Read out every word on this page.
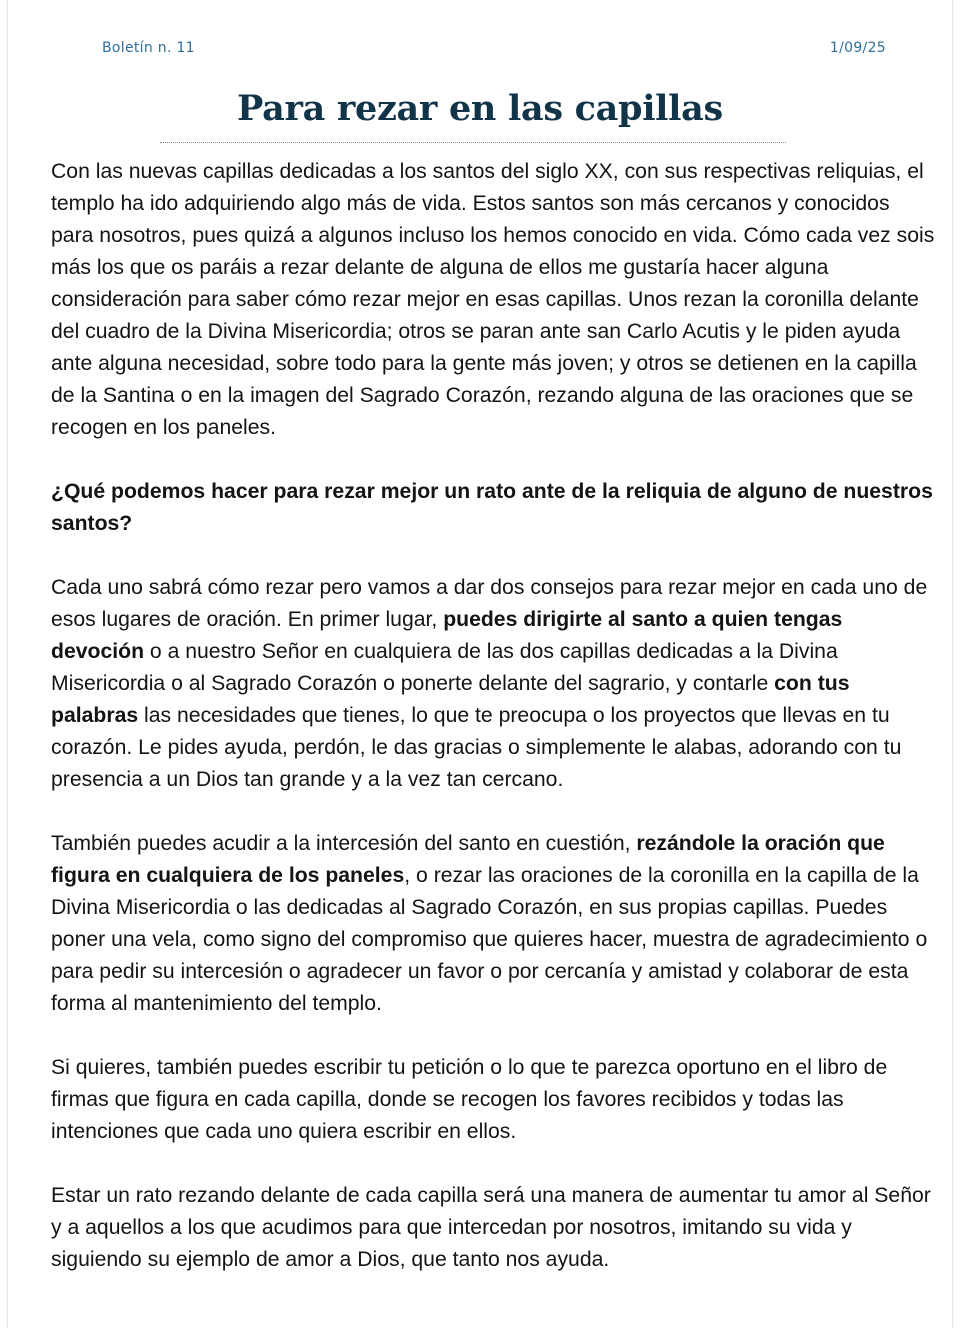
Boletín n. 11	1/09/25
Para rezar en las capillas

Con las nuevas capillas dedicadas a los santos del siglo XX, con sus respectivas reliquias, el templo ha ido adquiriendo algo más de vida. Estos santos son más cercanos y conocidos para nosotros, pues quizá a algunos incluso los hemos conocido en vida. Cómo cada vez sois más los que os paráis a rezar delante de alguna de ellos me gustaría hacer alguna consideración para saber cómo rezar mejor en esas capillas. Unos rezan la coronilla delante del cuadro de la Divina Misericordia; otros se paran ante san Carlo Acutis y le piden ayuda ante alguna necesidad, sobre todo para la gente más joven; y otros se detienen en la capilla de la Santina o en la imagen del Sagrado Corazón, rezando alguna de las oraciones que se recogen en los paneles.

¿Qué podemos hacer para rezar mejor un rato ante de la reliquia de alguno de nuestros santos?

Cada uno sabrá cómo rezar pero vamos a dar dos consejos para rezar mejor en cada uno de esos lugares de oración. En primer lugar, puedes dirigirte al santo a quien tengas devoción o a nuestro Señor en cualquiera de las dos capillas dedicadas a la Divina Misericordia o al Sagrado Corazón o ponerte delante del sagrario, y contarle con tus palabras las necesidades que tienes, lo que te preocupa o los proyectos que llevas en tu corazón. Le pides ayuda, perdón, le das gracias o simplemente le alabas, adorando con tu presencia a un Dios tan grande y a la vez tan cercano.

También puedes acudir a la intercesión del santo en cuestión, rezándole la oración que figura en cualquiera de los paneles, o rezar las oraciones de la coronilla en la capilla de la Divina Misericordia o las dedicadas al Sagrado Corazón, en sus propias capillas. Puedes poner una vela, como signo del compromiso que quieres hacer, muestra de agradecimiento o para pedir su intercesión o agradecer un favor o por cercanía y amistad y colaborar de esta forma al mantenimiento del templo.

Si quieres, también puedes escribir tu petición o lo que te parezca oportuno en el libro de firmas que figura en cada capilla, donde se recogen los favores recibidos y todas las intenciones que cada uno quiera escribir en ellos.

Estar un rato rezando delante de cada capilla será una manera de aumentar tu amor al Señor y a aquellos a los que acudimos para que intercedan por nosotros, imitando su vida y siguiendo su ejemplo de amor a Dios, que tanto nos ayuda.
